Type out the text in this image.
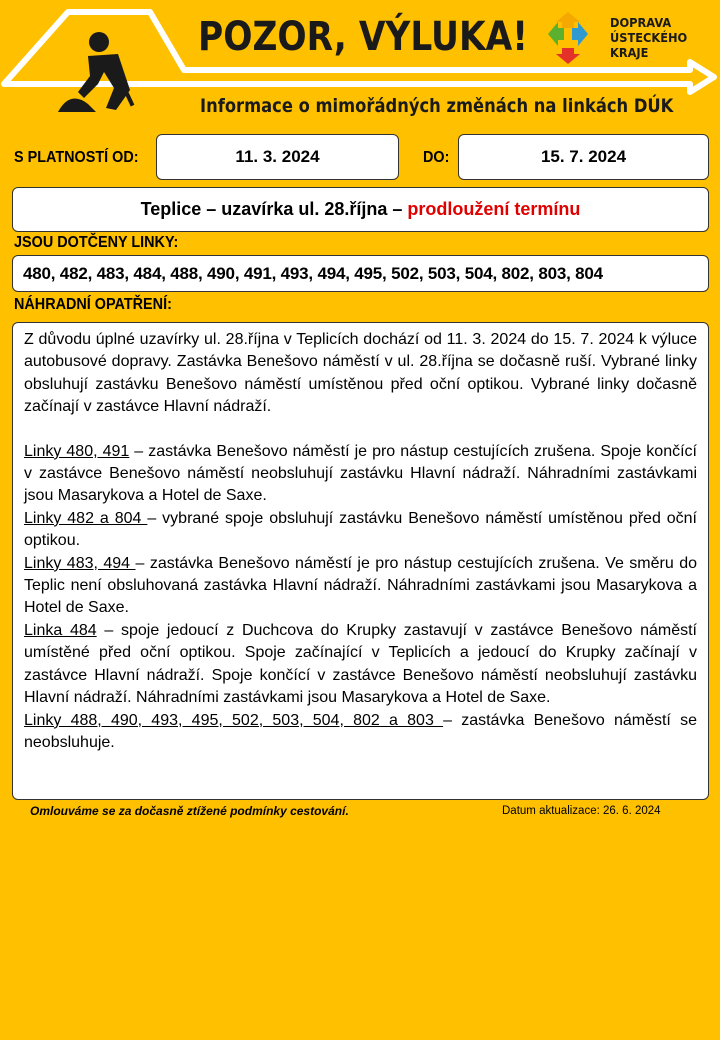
POZOR, VÝLUKA!
Informace o mimořádných změnách na linkách DÚK
DOPRAVA
ÚSTECKÉHO
KRAJE
S PLATNOSTÍ OD:	11. 3. 2024	DO:	15. 7. 2024
Teplice – uzavírka ul. 28.října – prodloužení termínu
JSOU DOTČENY LINKY:
480, 482, 483, 484, 488, 490, 491, 493, 494, 495, 502, 503, 504, 802, 803, 804
NÁHRADNÍ OPATŘENÍ:

Z důvodu úplné uzavírky ul. 28.října v Teplicích dochází od 11. 3. 2024 do 15. 7. 2024 k výluce autobusové dopravy. Zastávka Benešovo náměstí v ul. 28.října se dočasně ruší. Vybrané linky obsluhují zastávku Benešovo náměstí umístěnou před oční optikou. Vybrané linky dočasně začínají v zastávce Hlavní nádraží.

Linky 480, 491 – zastávka Benešovo náměstí je pro nástup cestujících zrušena. Spoje končící v zastávce Benešovo náměstí neobsluhují zastávku Hlavní nádraží. Náhradními zastávkami jsou Masarykova a Hotel de Saxe.

Linky 482 a 804 – vybrané spoje obsluhují zastávku Benešovo náměstí umístěnou před oční optikou.

Linky 483, 494 – zastávka Benešovo náměstí je pro nástup cestujících zrušena. Ve směru do Teplic není obsluhovaná zastávka Hlavní nádraží. Náhradními zastávkami jsou Masarykova a Hotel de Saxe.

Linka 484 – spoje jedoucí z Duchcova do Krupky zastavují v zastávce Benešovo náměstí umístěné před oční optikou. Spoje začínající v Teplicích a jedoucí do Krupky začínají v zastávce Hlavní nádraží. Spoje končící v zastávce Benešovo náměstí neobsluhují zastávku Hlavní nádraží. Náhradními zastávkami jsou Masarykova a Hotel de Saxe.

Linky 488, 490, 493, 495, 502, 503, 504, 802 a 803 – zastávka Benešovo náměstí se neobsluhuje.

Omlouváme se za dočasně ztížené podmínky cestování.	Datum aktualizace: 26. 6. 2024
